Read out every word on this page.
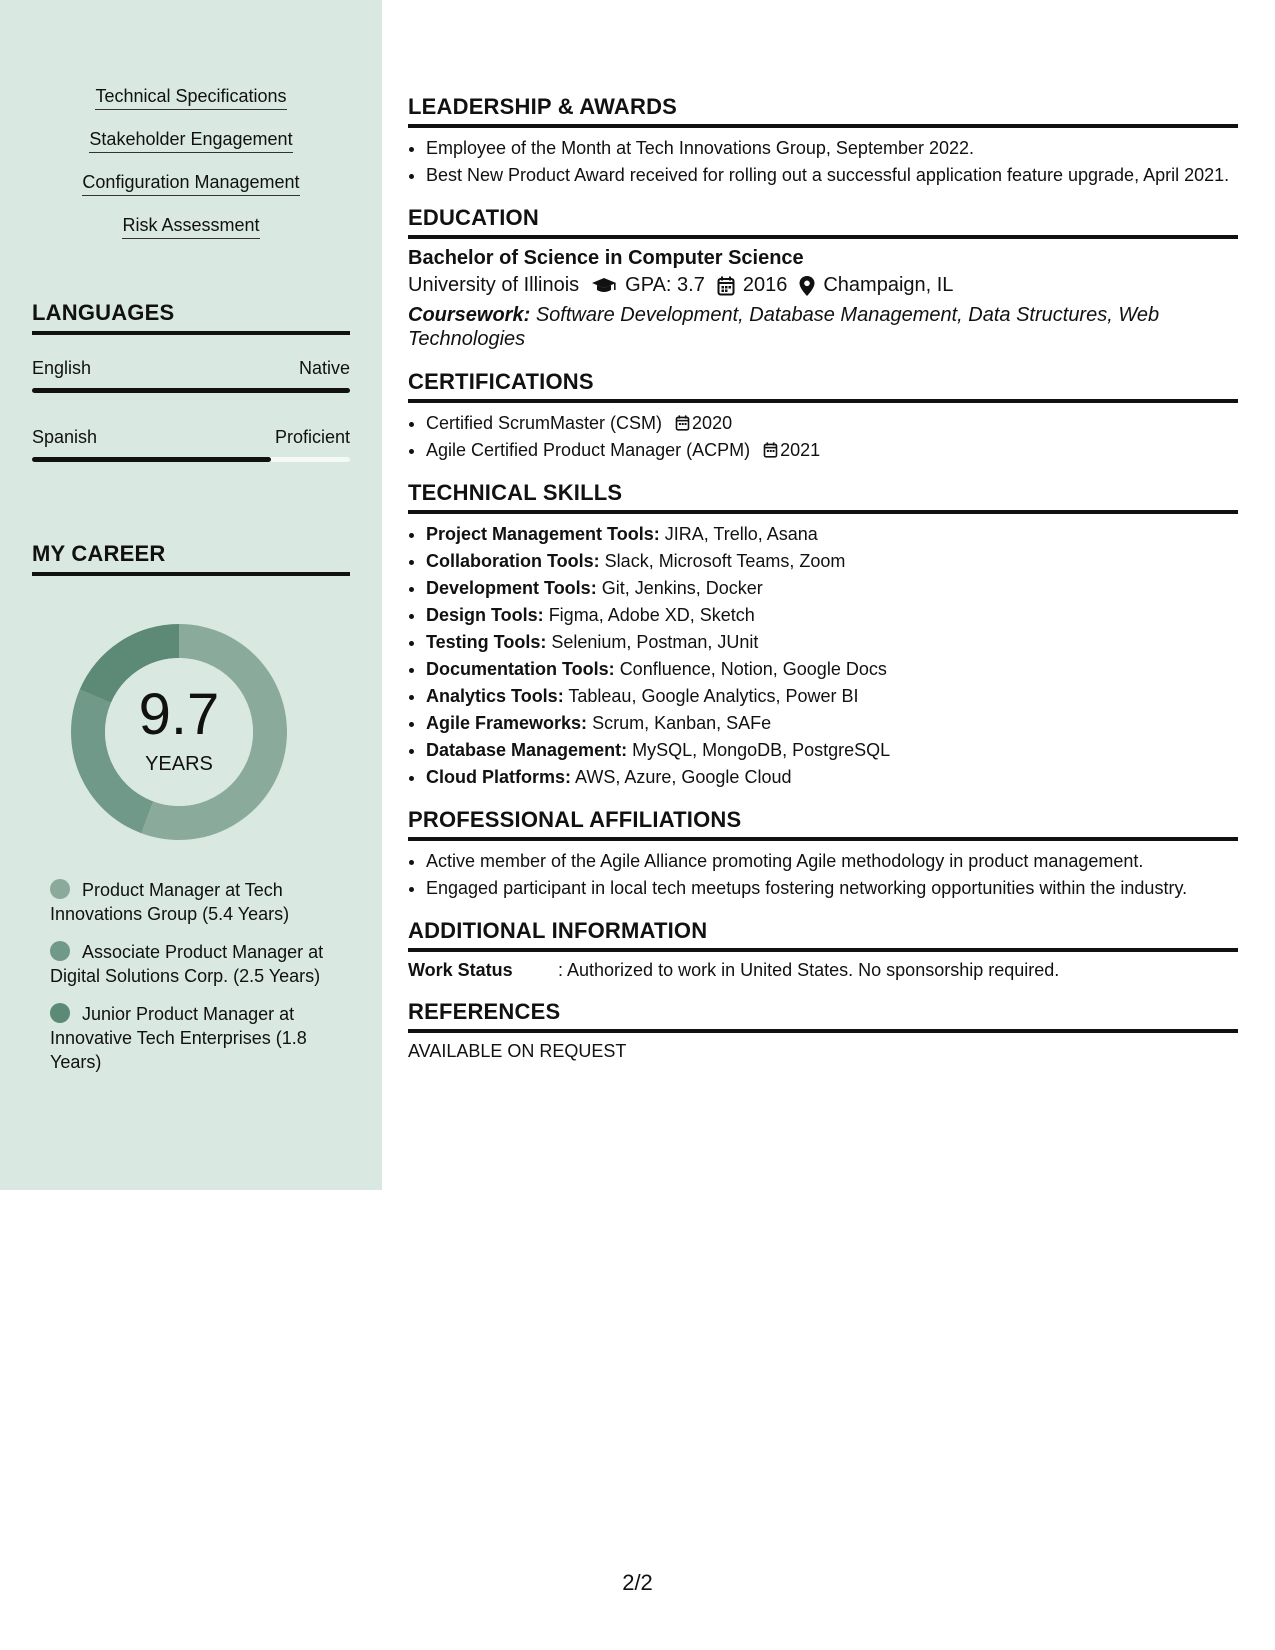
Technical Specifications
Stakeholder Engagement
Configuration Management
Risk Assessment
LANGUAGES
English	Native
Spanish	Proficient
MY CAREER
9.7
YEARS
Product Manager at Tech Innovations Group (5.4 Years)
Associate Product Manager at Digital Solutions Corp. (2.5 Years)
Junior Product Manager at Innovative Tech Enterprises (1.8 Years)
LEADERSHIP & AWARDS
• Employee of the Month at Tech Innovations Group, September 2022.
• Best New Product Award received for rolling out a successful application feature upgrade, April 2021.
EDUCATION
Bachelor of Science in Computer Science
University of Illinois GPA: 3.7 2016 Champaign, IL
Coursework: Software Development, Database Management, Data Structures, Web Technologies
CERTIFICATIONS
• Certified ScrumMaster (CSM) 2020
• Agile Certified Product Manager (ACPM) 2021
TECHNICAL SKILLS
• Project Management Tools: JIRA, Trello, Asana
• Collaboration Tools: Slack, Microsoft Teams, Zoom
• Development Tools: Git, Jenkins, Docker
• Design Tools: Figma, Adobe XD, Sketch
• Testing Tools: Selenium, Postman, JUnit
• Documentation Tools: Confluence, Notion, Google Docs
• Analytics Tools: Tableau, Google Analytics, Power BI
• Agile Frameworks: Scrum, Kanban, SAFe
• Database Management: MySQL, MongoDB, PostgreSQL
• Cloud Platforms: AWS, Azure, Google Cloud
PROFESSIONAL AFFILIATIONS
• Active member of the Agile Alliance promoting Agile methodology in product management.
• Engaged participant in local tech meetups fostering networking opportunities within the industry.
ADDITIONAL INFORMATION
Work Status	: Authorized to work in United States. No sponsorship required.
REFERENCES
AVAILABLE ON REQUEST
2/2
